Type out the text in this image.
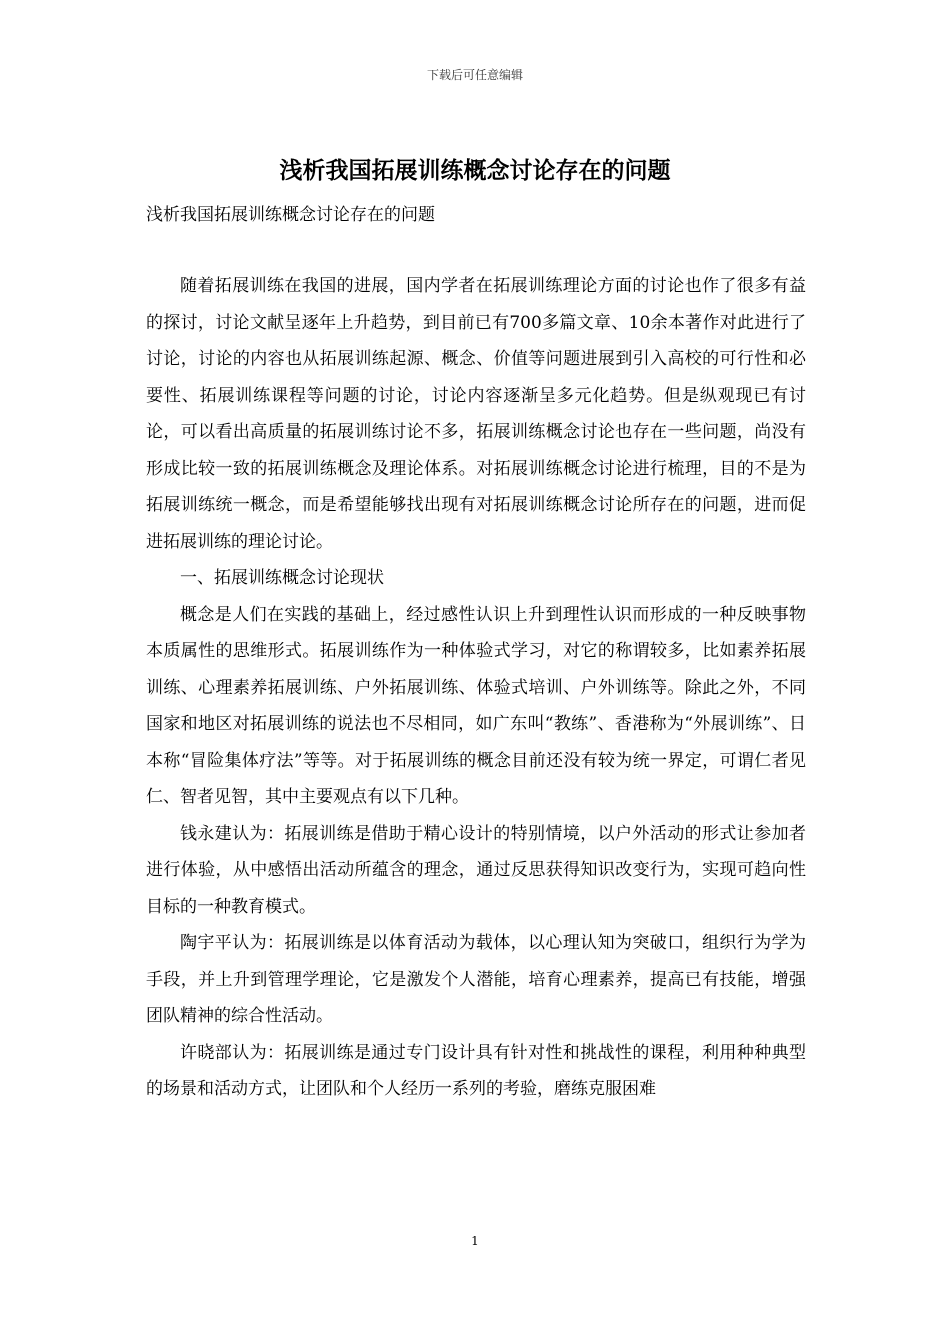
下载后可任意编辑
浅析我国拓展训练概念讨论存在的问题
浅析我国拓展训练概念讨论存在的问题

随着拓展训练在我国的进展，国内学者在拓展训练理论方面的讨论也作了很多有益的探讨，讨论文献呈逐年上升趋势，到目前已有700多篇文章、10余本著作对此进行了讨论，讨论的内容也从拓展训练起源、概念、价值等问题进展到引入高校的可行性和必要性、拓展训练课程等问题的讨论，讨论内容逐渐呈多元化趋势。但是纵观现已有讨论，可以看出高质量的拓展训练讨论不多，拓展训练概念讨论也存在一些问题，尚没有形成比较一致的拓展训练概念及理论体系。对拓展训练概念讨论进行梳理，目的不是为拓展训练统一概念，而是希望能够找出现有对拓展训练概念讨论所存在的问题，进而促进拓展训练的理论讨论。

一、拓展训练概念讨论现状

概念是人们在实践的基础上，经过感性认识上升到理性认识而形成的一种反映事物本质属性的思维形式。拓展训练作为一种体验式学习，对它的称谓较多，比如素养拓展训练、心理素养拓展训练、户外拓展训练、体验式培训、户外训练等。除此之外，不同国家和地区对拓展训练的说法也不尽相同，如广东叫“教练”、香港称为“外展训练”、日本称“冒险集体疗法”等等。对于拓展训练的概念目前还没有较为统一界定，可谓仁者见仁、智者见智，其中主要观点有以下几种。

钱永建认为：拓展训练是借助于精心设计的特别情境，以户外活动的形式让参加者进行体验，从中感悟出活动所蕴含的理念，通过反思获得知识改变行为，实现可趋向性目标的一种教育模式。

陶宇平认为：拓展训练是以体育活动为载体，以心理认知为突破口，组织行为学为手段，并上升到管理学理论，它是激发个人潜能，培育心理素养，提高已有技能，增强团队精神的综合性活动。

许晓部认为：拓展训练是通过专门设计具有针对性和挑战性的课程，利用种种典型的场景和活动方式，让团队和个人经历一系列的考验，磨练克服困难

1
